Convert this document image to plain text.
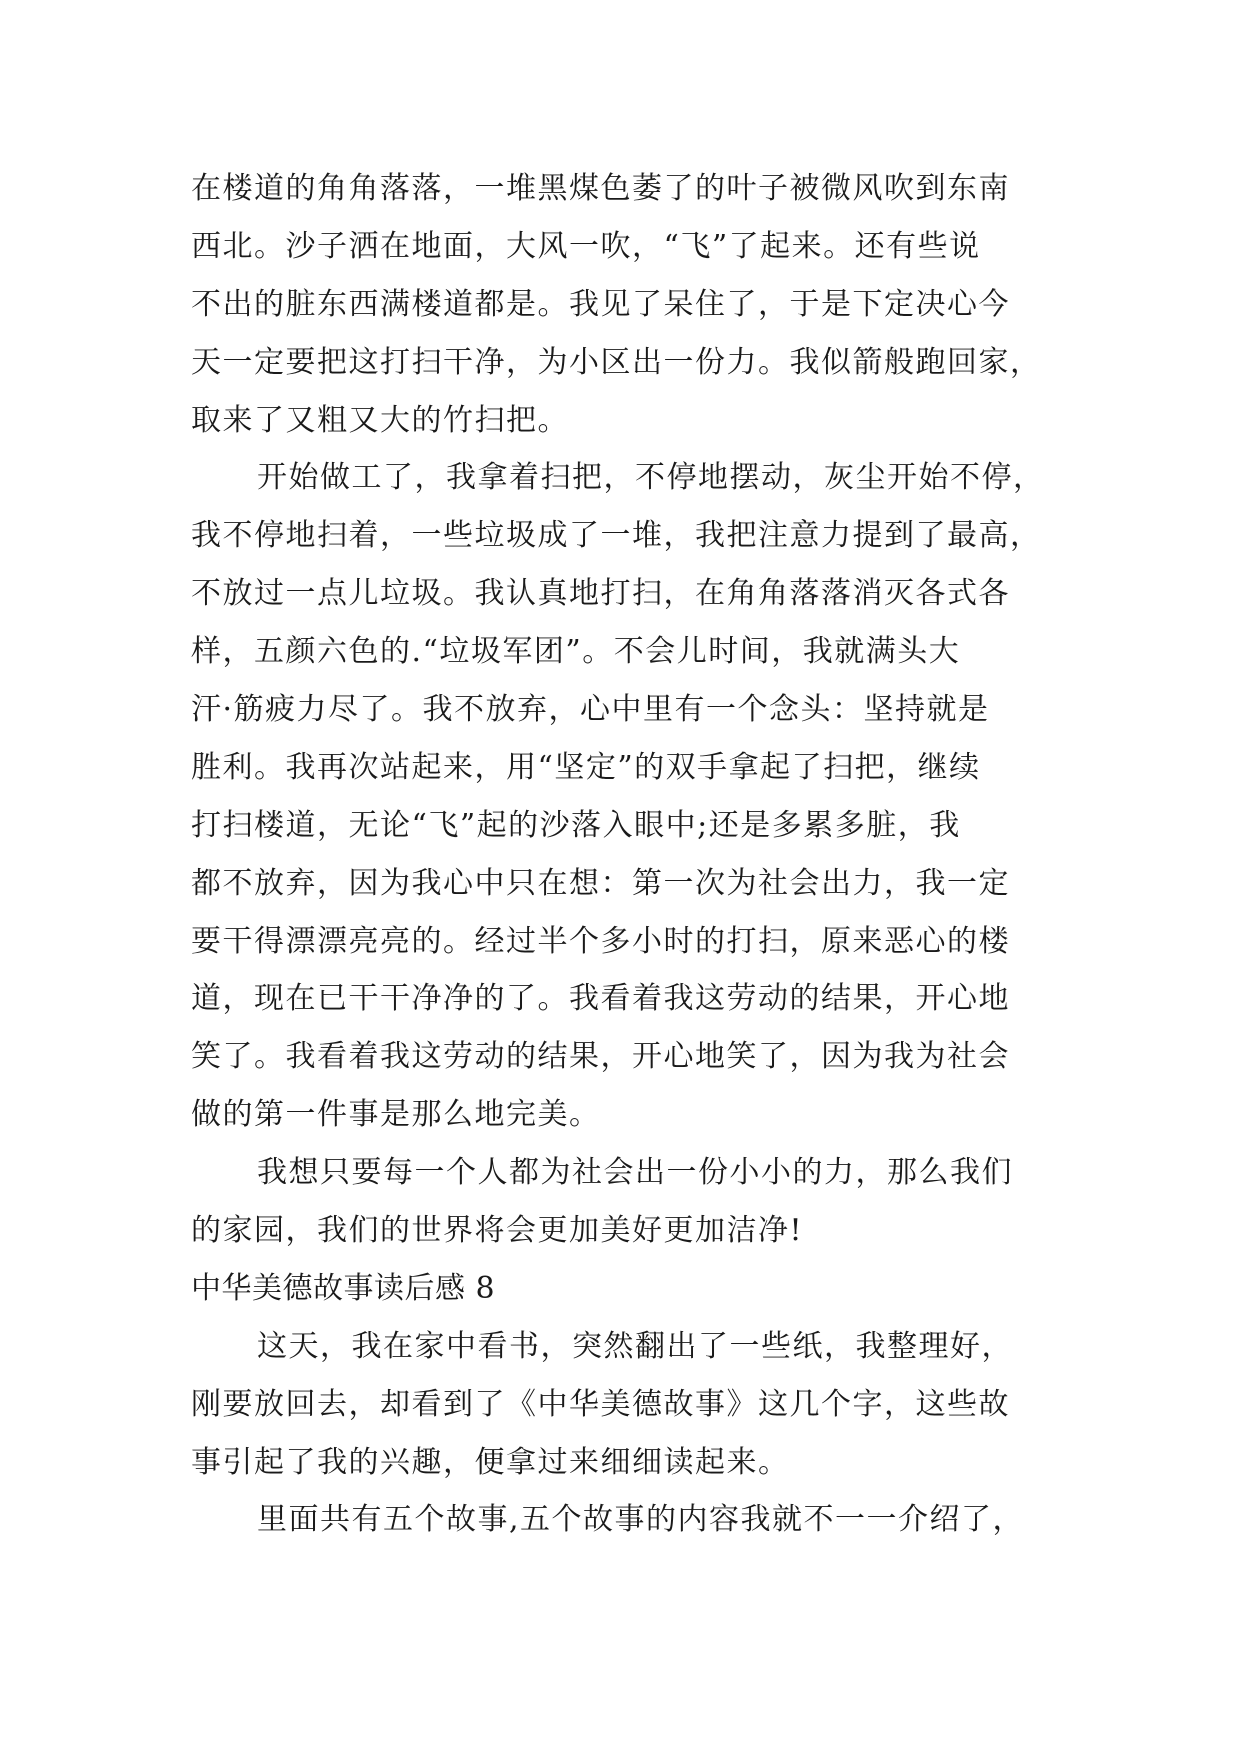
在楼道的角角落落，一堆黑煤色萎了的叶子被微风吹到东南
西北。沙子洒在地面，大风一吹，“飞”了起来。还有些说
不出的脏东西满楼道都是。我见了呆住了，于是下定决心今
天一定要把这打扫干净，为小区出一份力。我似箭般跑回家，
取来了又粗又大的竹扫把。
开始做工了，我拿着扫把，不停地摆动，灰尘开始不停，
我不停地扫着，一些垃圾成了一堆，我把注意力提到了最高，
不放过一点儿垃圾。我认真地打扫，在角角落落消灭各式各
样，五颜六色的.“垃圾军团”。不会儿时间，我就满头大
汗·筋疲力尽了。我不放弃，心中里有一个念头：坚持就是
胜利。我再次站起来，用“坚定”的双手拿起了扫把，继续
打扫楼道，无论“飞”起的沙落入眼中;还是多累多脏，我
都不放弃，因为我心中只在想：第一次为社会出力，我一定
要干得漂漂亮亮的。经过半个多小时的打扫，原来恶心的楼
道，现在已干干净净的了。我看着我这劳动的结果，开心地
笑了。我看着我这劳动的结果，开心地笑了，因为我为社会
做的第一件事是那么地完美。
我想只要每一个人都为社会出一份小小的力，那么我们
的家园，我们的世界将会更加美好更加洁净!
中华美德故事读后感 8
这天，我在家中看书，突然翻出了一些纸，我整理好，
刚要放回去，却看到了《中华美德故事》这几个字，这些故
事引起了我的兴趣，便拿过来细细读起来。
里面共有五个故事,五个故事的内容我就不一一介绍了，
